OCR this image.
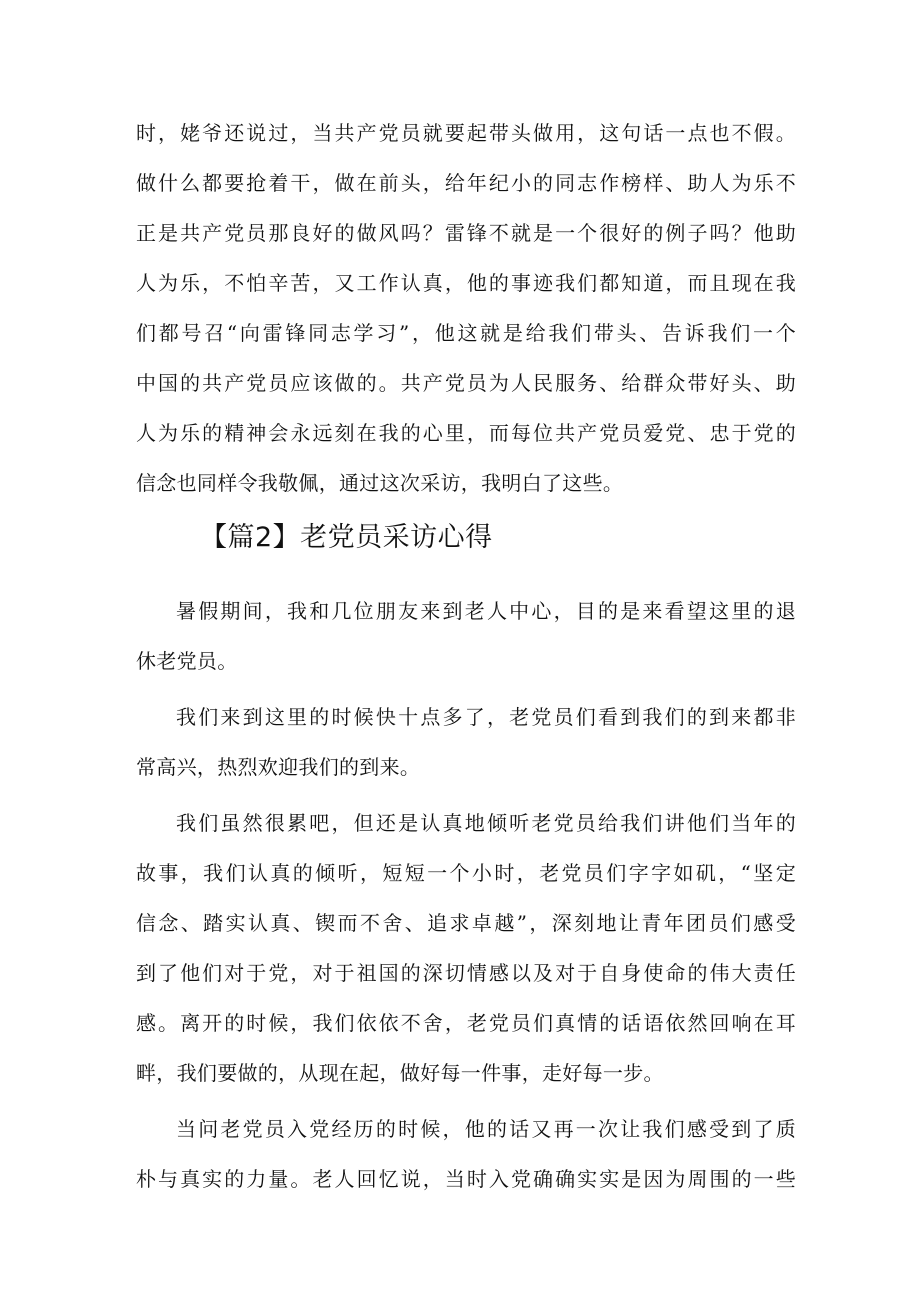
时，姥爷还说过，当共产党员就要起带头做用，这句话一点也不假。
做什么都要抢着干，做在前头，给年纪小的同志作榜样、助人为乐不
正是共产党员那良好的做风吗？雷锋不就是一个很好的例子吗？他助
人为乐，不怕辛苦，又工作认真，他的事迹我们都知道，而且现在我
们都号召“向雷锋同志学习”，他这就是给我们带头、告诉我们一个
中国的共产党员应该做的。共产党员为人民服务、给群众带好头、助
人为乐的精神会永远刻在我的心里，而每位共产党员爱党、忠于党的
信念也同样令我敬佩，通过这次采访，我明白了这些。
【篇2】老党员采访心得
暑假期间，我和几位朋友来到老人中心，目的是来看望这里的退
休老党员。
我们来到这里的时候快十点多了，老党员们看到我们的到来都非
常高兴，热烈欢迎我们的到来。
我们虽然很累吧，但还是认真地倾听老党员给我们讲他们当年的
故事，我们认真的倾听，短短一个小时，老党员们字字如矶，“坚定
信念、踏实认真、锲而不舍、追求卓越”，深刻地让青年团员们感受
到了他们对于党，对于祖国的深切情感以及对于自身使命的伟大责任
感。离开的时候，我们依依不舍，老党员们真情的话语依然回响在耳
畔，我们要做的，从现在起，做好每一件事，走好每一步。
当问老党员入党经历的时候，他的话又再一次让我们感受到了质
朴与真实的力量。老人回忆说，当时入党确确实实是因为周围的一些
